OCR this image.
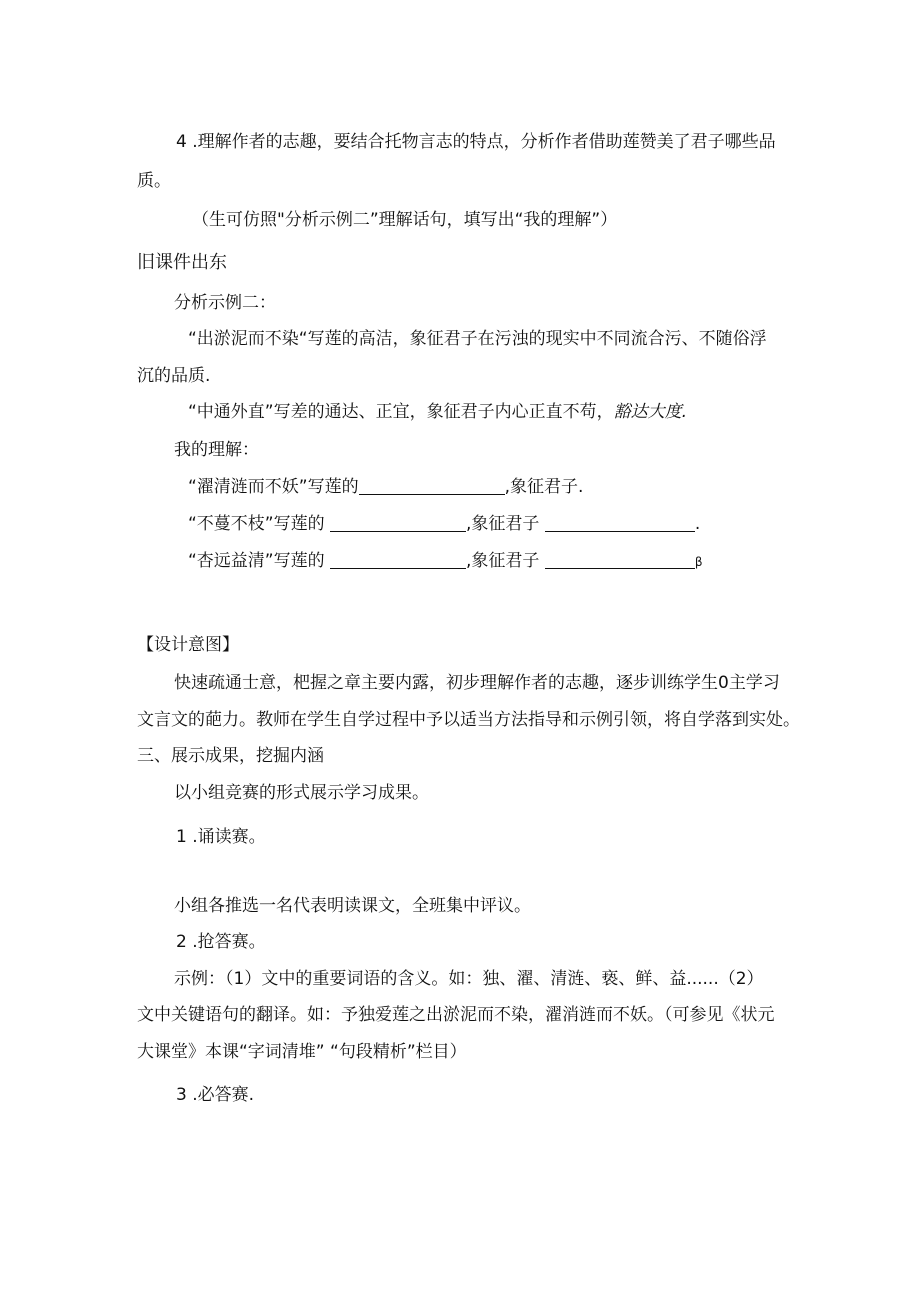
4 .理解作者的志趣，要结合托物言志的特点，分析作者借助莲赞美了君子哪些品
质。
（生可仿照"分析示例二”理解话句，填写出“我的理解”）
旧课件出东
分析示例二：
“出淤泥而不染“写莲的高洁，象征君子在污浊的现实中不同流合污、不随俗浮
沉的品质.
“中通外直”写差的通达、正宜，象征君子内心正直不苟，豁达大度.
我的理解：
“濯清涟而不妖”写莲的	,象征君子.
“不蔓不枝”写莲的	,象征君子	.
“杏远益清”写莲的	,象征君子	β
【设计意图】
快速疏通士意，杷握之章主要内露，初步理解作者的志趣，逐步训练学生0主学习
文言文的葩力。教师在学生自学过程中予以适当方法指导和示例引领，将自学落到实处。
三、展示成果，挖掘内涵
以小组竞赛的形式展示学习成果。
1 .诵读赛。
小组各推选一名代表明读课文，全班集中评议。
2 .抢答赛。
示例：（1）文中的重要词语的含义。如：独、濯、清涟、亵、鲜、益......（2）
文中关键语句的翻译。如：予独爱莲之出淤泥而不染，濯消涟而不妖。（可参见《状元
大课堂》本课“字词清堆” “句段精析”栏目）
3 .必答赛.
